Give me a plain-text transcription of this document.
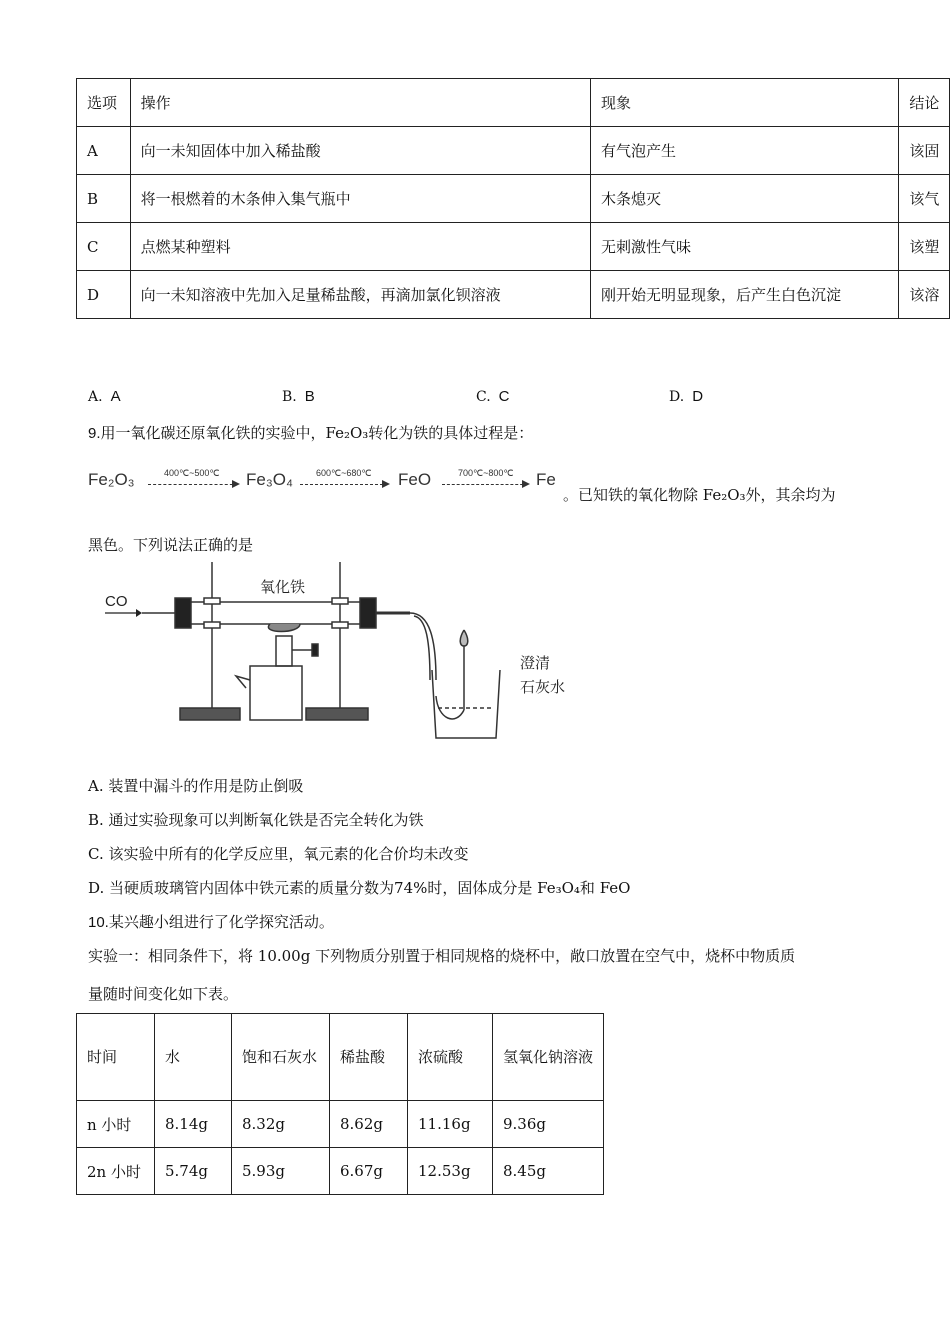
选项	操作	现象	结论
A	向一未知固体中加入稀盐酸	有气泡产生	该固
B	将一根燃着的木条伸入集气瓶中	木条熄灭	该气
C	点燃某种塑料	无刺激性气味	该塑
D	向一未知溶液中先加入足量稀盐酸，再滴加氯化钡溶液	刚开始无明显现象，后产生白色沉淀	该溶
A. A	B. B	C. C	D. D
9.用一氧化碳还原氧化铁的实验中，Fe₂O₃转化为铁的具体过程是：
Fe₂O₃	400℃~500℃ Fe₃O₄	600℃~680℃ FeO	700℃~800℃ Fe
。已知铁的氧化物除 Fe₂O₃外，其余均为
黑色。下列说法正确的是
CO
氧化铁
澄清
石灰水
A. 装置中漏斗的作用是防止倒吸
B. 通过实验现象可以判断氧化铁是否完全转化为铁
C. 该实验中所有的化学反应里，氧元素的化合价均未改变
D. 当硬质玻璃管内固体中铁元素的质量分数为74%时，固体成分是 Fe₃O₄和 FeO
10.某兴趣小组进行了化学探究活动。
实验一：相同条件下，将 10.00g 下列物质分别置于相同规格的烧杯中，敞口放置在空气中，烧杯中物质质
量随时间变化如下表。
时间	水	饱和石灰水	稀盐酸	浓硫酸	氢氧化钠溶液

n 小时	8.14g	8.32g	8.62g	11.16g	9.36g
2n 小时	5.74g	5.93g	6.67g	12.53g	8.45g
